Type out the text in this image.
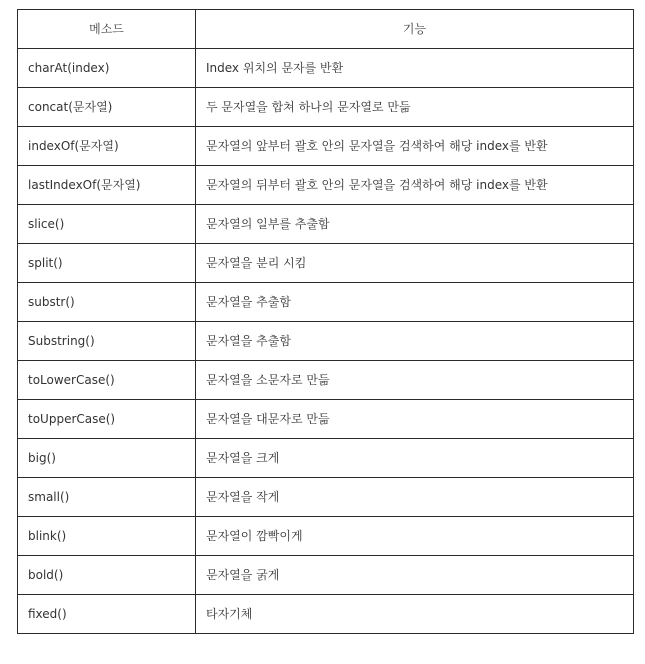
메소드	기능
charAt(index)	Index 위치의 문자를 반환
concat(문자열)	두 문자열을 합쳐 하나의 문자열로 만듦
indexOf(문자열)	문자열의 앞부터 괄호 안의 문자열을 검색하여 해당 index를 반환
lastIndexOf(문자열)	문자열의 뒤부터 괄호 안의 문자열을 검색하여 해당 index를 반환
slice()	문자열의 일부를 추출함
split()	문자열을 분리 시킴
substr()	문자열을 추출함
Substring()	문자열을 추출함
toLowerCase()	문자열을 소문자로 만듦
toUpperCase()	문자열을 대문자로 만듦
big()	문자열을 크게
small()	문자열을 작게
blink()	문자열이 깜빡이게
bold()	문자열을 굵게
fixed()	타자기체
